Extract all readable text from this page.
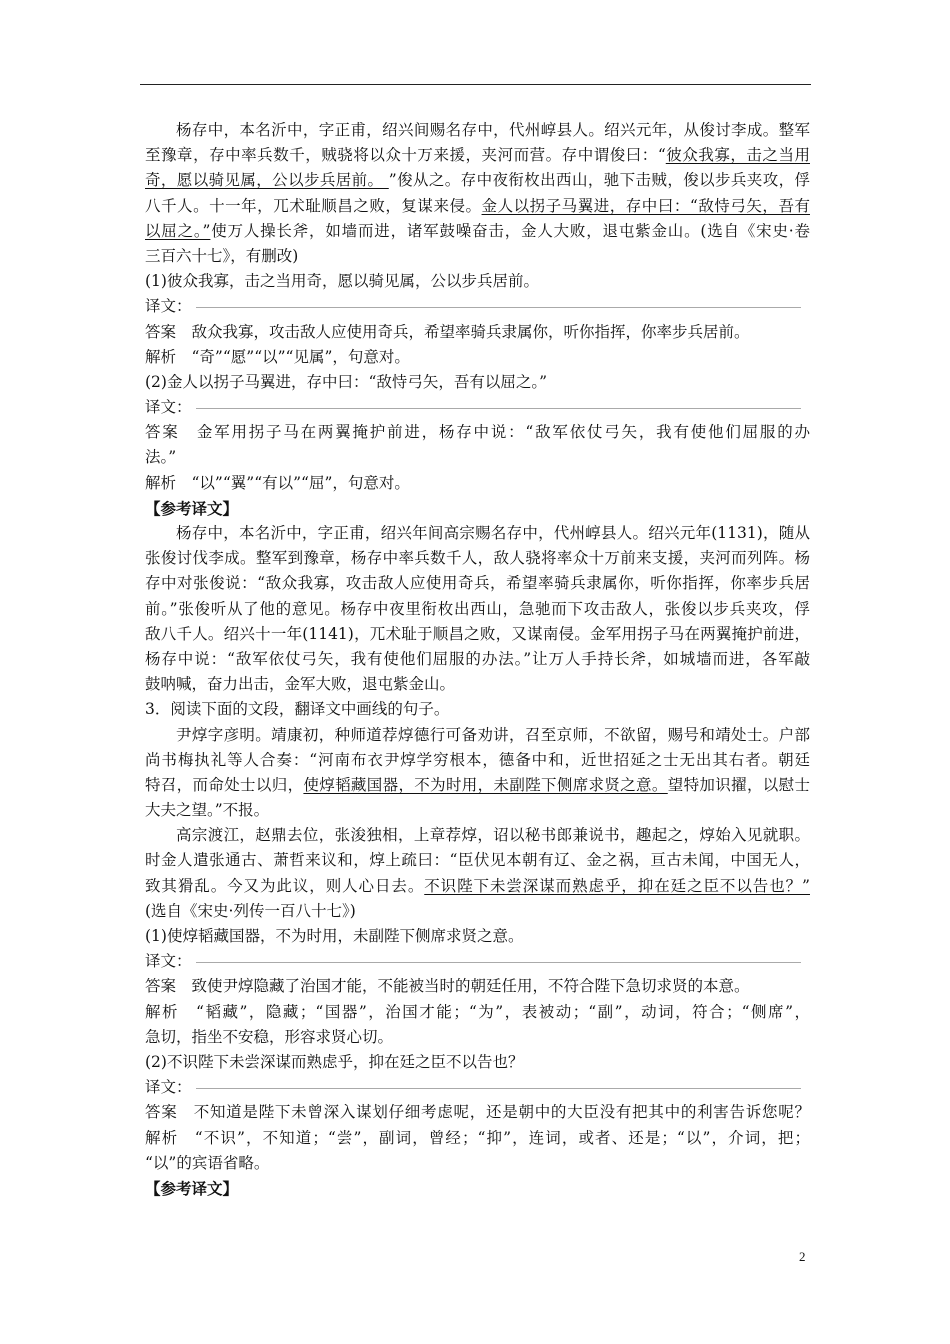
杨存中，本名沂中，字正甫，绍兴间赐名存中，代州崞县人。绍兴元年，从俊讨李成。整军
至豫章，存中率兵数千，贼骁将以众十万来援，夹河而营。存中谓俊曰：“彼众我寡，击之当用
奇，愿以骑见属，公以步兵居前。 ”俊从之。存中夜衔枚出西山，驰下击贼，俊以步兵夹攻，俘
八千人。十一年，兀术耻顺昌之败，复谋来侵。金人以拐子马翼进，存中曰：“敌恃弓矢，吾有
以屈之。”使万人操长斧，如墙而进，诸军鼓噪奋击，金人大败，退屯紫金山。(选自《宋史·卷
三百六十七》，有删改)
(1)彼众我寡，击之当用奇，愿以骑见属，公以步兵居前。
译文：
答案　敌众我寡，攻击敌人应使用奇兵，希望率骑兵隶属你，听你指挥，你率步兵居前。
解析　“奇”“愿”“以”“见属”，句意对。
(2)金人以拐子马翼进，存中曰：“敌恃弓矢，吾有以屈之。”
译文：
答案　金军用拐子马在两翼掩护前进，杨存中说：“敌军依仗弓矢，我有使他们屈服的办
法。”
解析　“以”“翼”“有以”“屈”，句意对。
【参考译文】
杨存中，本名沂中，字正甫，绍兴年间高宗赐名存中，代州崞县人。绍兴元年(1131)，随从
张俊讨伐李成。整军到豫章，杨存中率兵数千人，敌人骁将率众十万前来支援，夹河而列阵。杨
存中对张俊说：“敌众我寡，攻击敌人应使用奇兵，希望率骑兵隶属你，听你指挥，你率步兵居
前。”张俊听从了他的意见。杨存中夜里衔枚出西山，急驰而下攻击敌人，张俊以步兵夹攻，俘
敌八千人。绍兴十一年(1141)，兀术耻于顺昌之败，又谋南侵。金军用拐子马在两翼掩护前进，
杨存中说：“敌军依仗弓矢，我有使他们屈服的办法。”让万人手持长斧，如城墙而进，各军敲
鼓呐喊，奋力出击，金军大败，退屯紫金山。
3．阅读下面的文段，翻译文中画线的句子。
尹焞字彦明。靖康初，种师道荐焞德行可备劝讲，召至京师，不欲留，赐号和靖处士。户部
尚书梅执礼等人合奏：“河南布衣尹焞学穷根本，德备中和，近世招延之士无出其右者。朝廷
特召，而命处士以归，使焞韬藏国器，不为时用，未副陛下侧席求贤之意。望特加识擢，以慰士
大夫之望。”不报。
高宗渡江，赵鼎去位，张浚独相，上章荐焞，诏以秘书郎兼说书，趣起之，焞始入见就职。
时金人遣张通古、萧哲来议和，焞上疏曰：“臣伏见本朝有辽、金之祸，亘古未闻，中国无人，
致其猾乱。今又为此议，则人心日去。不识陛下未尝深谋而熟虑乎，抑在廷之臣不以告也？”
(选自《宋史·列传一百八十七》)
(1)使焞韬藏国器，不为时用，未副陛下侧席求贤之意。
译文：
答案　致使尹焞隐藏了治国才能，不能被当时的朝廷任用，不符合陛下急切求贤的本意。
解析　“韬藏”，隐藏；“国器”，治国才能；“为”，表被动；“副”，动词，符合；“侧席”，
急切，指坐不安稳，形容求贤心切。
(2)不识陛下未尝深谋而熟虑乎，抑在廷之臣不以告也？
译文：
答案　不知道是陛下未曾深入谋划仔细考虑呢，还是朝中的大臣没有把其中的利害告诉您呢？
解析　“不识”，不知道；“尝”，副词，曾经；“抑”，连词，或者、还是；“以”，介词，把；
“以”的宾语省略。
【参考译文】
2
